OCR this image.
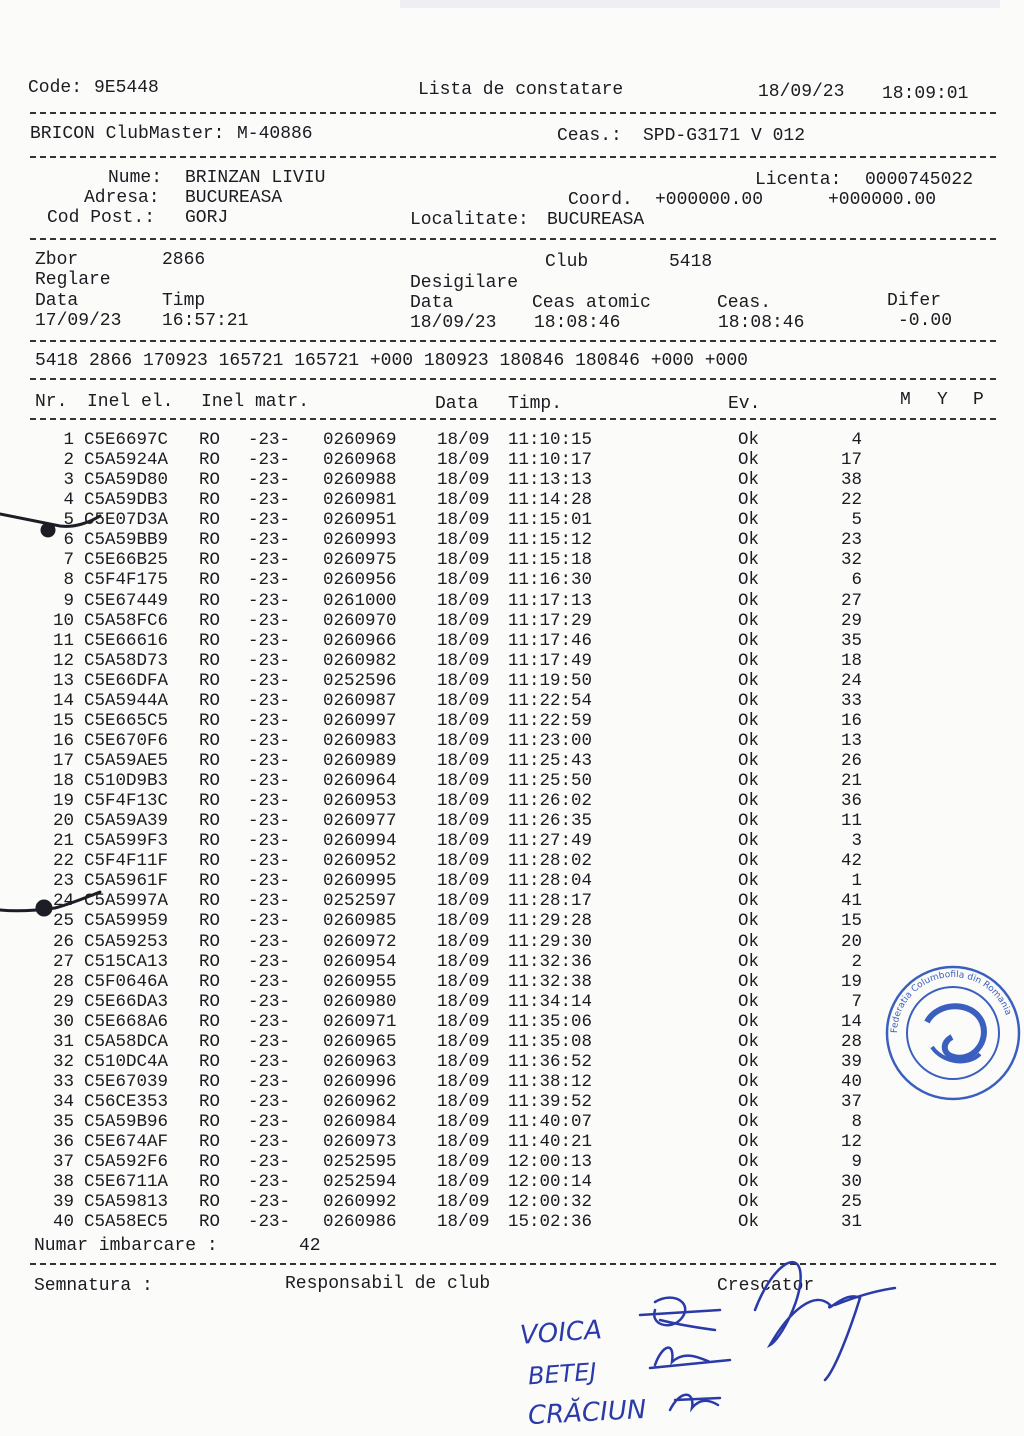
Code: 9E5448	Lista de constatare	18/09/23 18:09:01
BRICON ClubMaster: M-40886	Ceas.: SPD-G3171 V 012
Nume: BRINZAN LIVIU	Licenta: 0000745022
Adresa: BUCUREASA	Coord. +000000.00	+000000.00
Cod Post.: GORJ	Localitate: BUCUREASA
Zbor	2866	Club	5418
Reglare	Desigilare
Data	Timp	Data	Ceas atomic	Ceas.	Difer
17/09/23 16:57:21	18/09/23 18:08:46	18:08:46	-0.00
5418 2866 170923 165721 165721 +000 180923 180846 180846 +000 +000
Nr. Inel el. Inel matr.	Data Timp.	Ev.	M Y P
1 C5E6697C RO -23- 0260969 18/09 11:10:15	Ok	4
2 C5A5924A RO -23- 0260968 18/09 11:10:17	Ok	17
3 C5A59D80 RO -23- 0260988 18/09 11:13:13	Ok	38
4 C5A59DB3 RO -23- 0260981 18/09 11:14:28	Ok	22
5 C5E07D3A RO -23- 0260951 18/09 11:15:01	Ok	5
6 C5A59BB9 RO -23- 0260993 18/09 11:15:12	Ok	23
7 C5E66B25 RO -23- 0260975 18/09 11:15:18	Ok	32
8 C5F4F175 RO -23- 0260956 18/09 11:16:30	Ok	6
9 C5E67449 RO -23- 0261000 18/09 11:17:13	Ok	27
10 C5A58FC6 RO -23- 0260970 18/09 11:17:29	Ok	29
11 C5E66616 RO -23- 0260966 18/09 11:17:46	Ok	35
12 C5A58D73 RO -23- 0260982 18/09 11:17:49	Ok	18
13 C5E66DFA RO -23- 0252596 18/09 11:19:50	Ok	24
14 C5A5944A RO -23- 0260987 18/09 11:22:54	Ok	33
15 C5E665C5 RO -23- 0260997 18/09 11:22:59	Ok	16
16 C5E670F6 RO -23- 0260983 18/09 11:23:00	Ok	13
17 C5A59AE5 RO -23- 0260989 18/09 11:25:43	Ok	26
18 C510D9B3 RO -23- 0260964 18/09 11:25:50	Ok	21
19 C5F4F13C RO -23- 0260953 18/09 11:26:02	Ok	36
20 C5A59A39 RO -23- 0260977 18/09 11:26:35	Ok	11
21 C5A599F3 RO -23- 0260994 18/09 11:27:49	Ok	3
22 C5F4F11F RO -23- 0260952 18/09 11:28:02	Ok	42
23 C5A5961F RO -23- 0260995 18/09 11:28:04	Ok	1
24 C5A5997A RO -23- 0252597 18/09 11:28:17	Ok	41
25 C5A59959 RO -23- 0260985 18/09 11:29:28	Ok	15
26 C5A59253 RO -23- 0260972 18/09 11:29:30	Ok	20
27 C515CA13 RO -23- 0260954 18/09 11:32:36	Ok	2
28 C5F0646A RO -23- 0260955 18/09 11:32:38	Ok	19
29 C5E66DA3 RO -23- 0260980 18/09 11:34:14	Ok	7
30 C5E668A6 RO -23- 0260971 18/09 11:35:06	Ok	14
31 C5A58DCA RO -23- 0260965 18/09 11:35:08	Ok	28
32 C510DC4A RO -23- 0260963 18/09 11:36:52	Ok	39
33 C5E67039 RO -23- 0260996 18/09 11:38:12	Ok	40
34 C56CE353 RO -23- 0260962 18/09 11:39:52	Ok	37
35 C5A59B96 RO -23- 0260984 18/09 11:40:07	Ok	8
36 C5E674AF RO -23- 0260973 18/09 11:40:21	Ok	12
37 C5A592F6 RO -23- 0252595 18/09 12:00:13	Ok	9
38 C5E6711A RO -23- 0252594 18/09 12:00:14	Ok	30
39 C5A59813 RO -23- 0260992 18/09 12:00:32	Ok	25
40 C5A58EC5 RO -23- 0260986 18/09 15:02:36	Ok	31
Numar imbarcare :	42
Semnatura :	Responsabil de club	Crescator
VOICA
BETEJ
CRĂCIUN
Federatia Columbofila din Romania
